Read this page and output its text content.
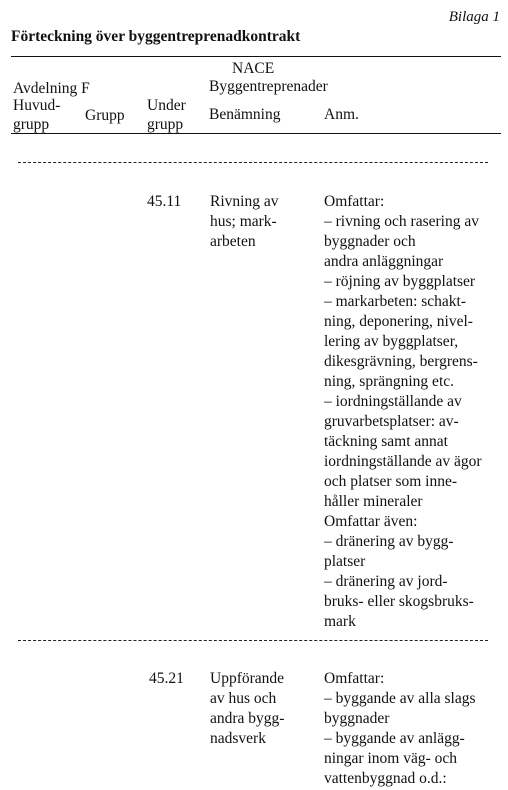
Bilaga 1
Förteckning över byggentreprenadkontrakt
NACE
Byggentreprenader
Avdelning F
Huvud-
grupp
Grupp
Under
grupp
Benämning	Anm.
45.11 Rivning av
hus; mark-
arbeten
Omfattar:
– rivning och rasering av
byggnader och
andra anläggningar
– röjning av byggplatser
– markarbeten: schakt-
ning, deponering, nivel-
lering av byggplatser,
dikesgrävning, bergrens-
ning, sprängning etc.
– iordningställande av
gruvarbetsplatser: av-
täckning samt annat
iordningställande av ägor
och platser som inne-
håller mineraler
Omfattar även:
– dränering av bygg-
platser
– dränering av jord-
bruks- eller skogsbruks-
mark
45.21 Uppförande
av hus och
andra bygg-
nadsverk
Omfattar:
– byggande av alla slags
byggnader
– byggande av anlägg-
ningar inom väg- och
vattenbyggnad o.d.:
